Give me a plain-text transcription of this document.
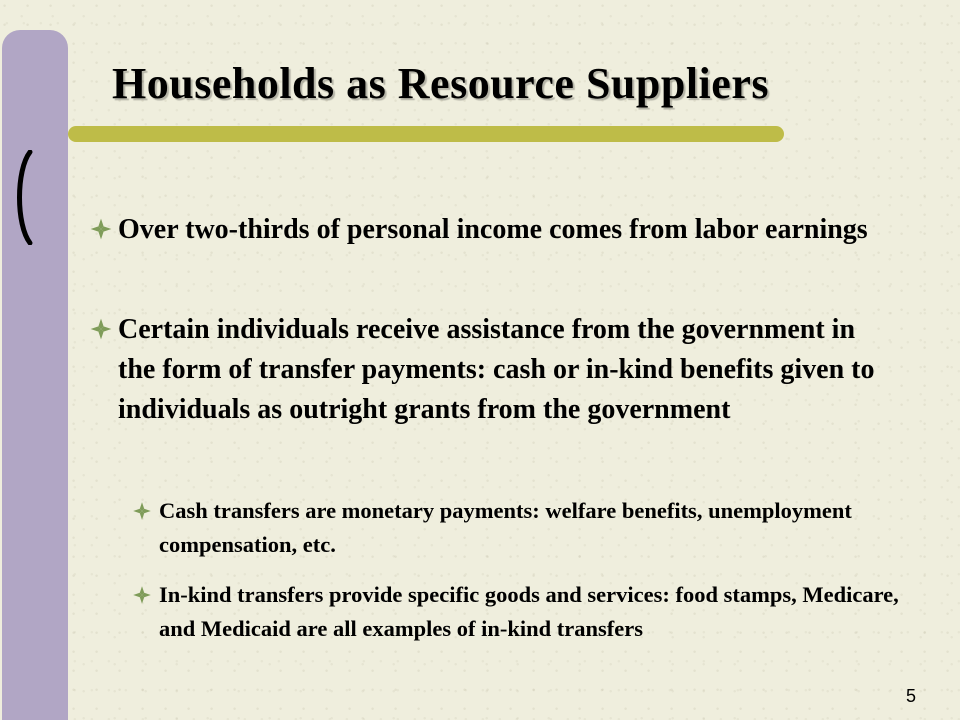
Households as Resource Suppliers
Over two-thirds of personal income comes from labor earnings
Certain individuals receive assistance from the government in the form of transfer payments: cash or in-kind benefits given to individuals as outright grants from the government
Cash transfers are monetary payments: welfare benefits, unemployment compensation, etc.
In-kind transfers provide specific goods and services: food stamps, Medicare, and Medicaid are all examples of in-kind transfers
5
